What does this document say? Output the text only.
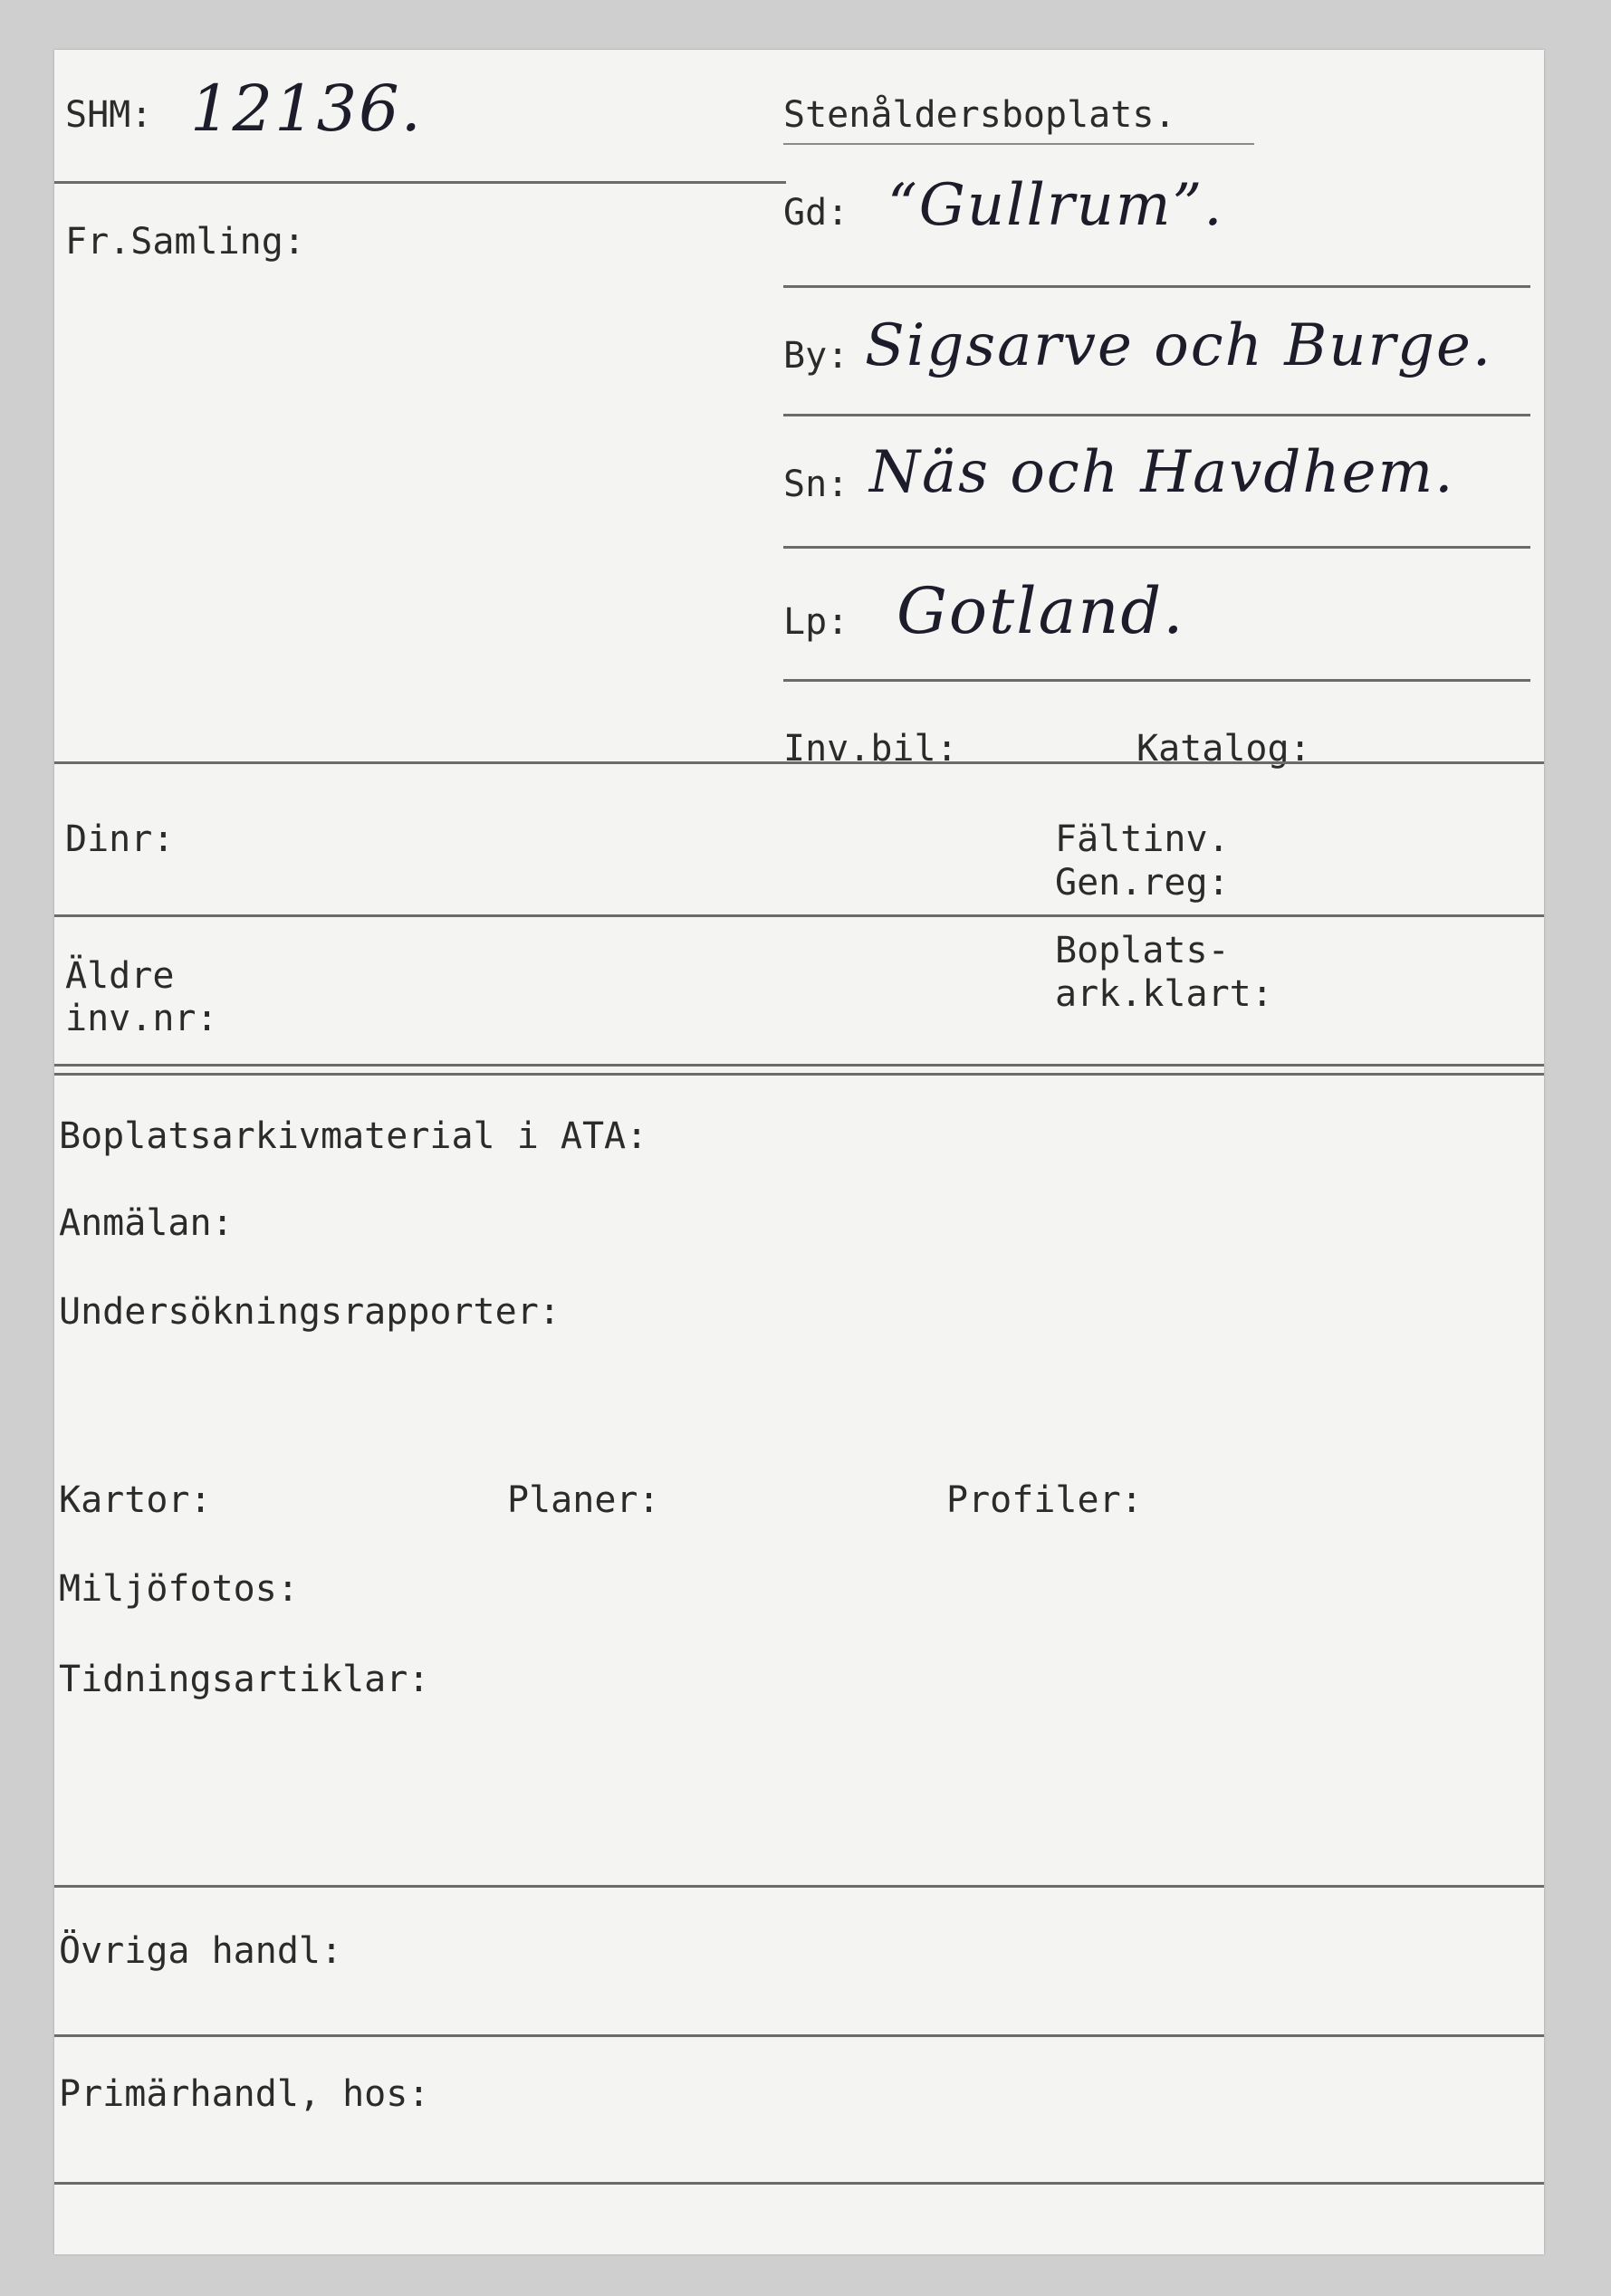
SHM: 12136.	Stenåldersboplats.
Fr.Samling:
Gd: “Gullrum”.
By: Sigsarve och Burge.
Sn: Näs och Havdhem.
Lp: Gotland.
Inv.bil:	Katalog:
Dinr:	Fältinv.
Gen.reg:
Äldre
inv.nr:
Boplats-
ark.klart:
Boplatsarkivmaterial i ATA:
Anmälan:
Undersökningsrapporter:
Kartor:	Planer:	Profiler:
Miljöfotos:
Tidningsartiklar:
Övriga handl:
Primärhandl, hos:
